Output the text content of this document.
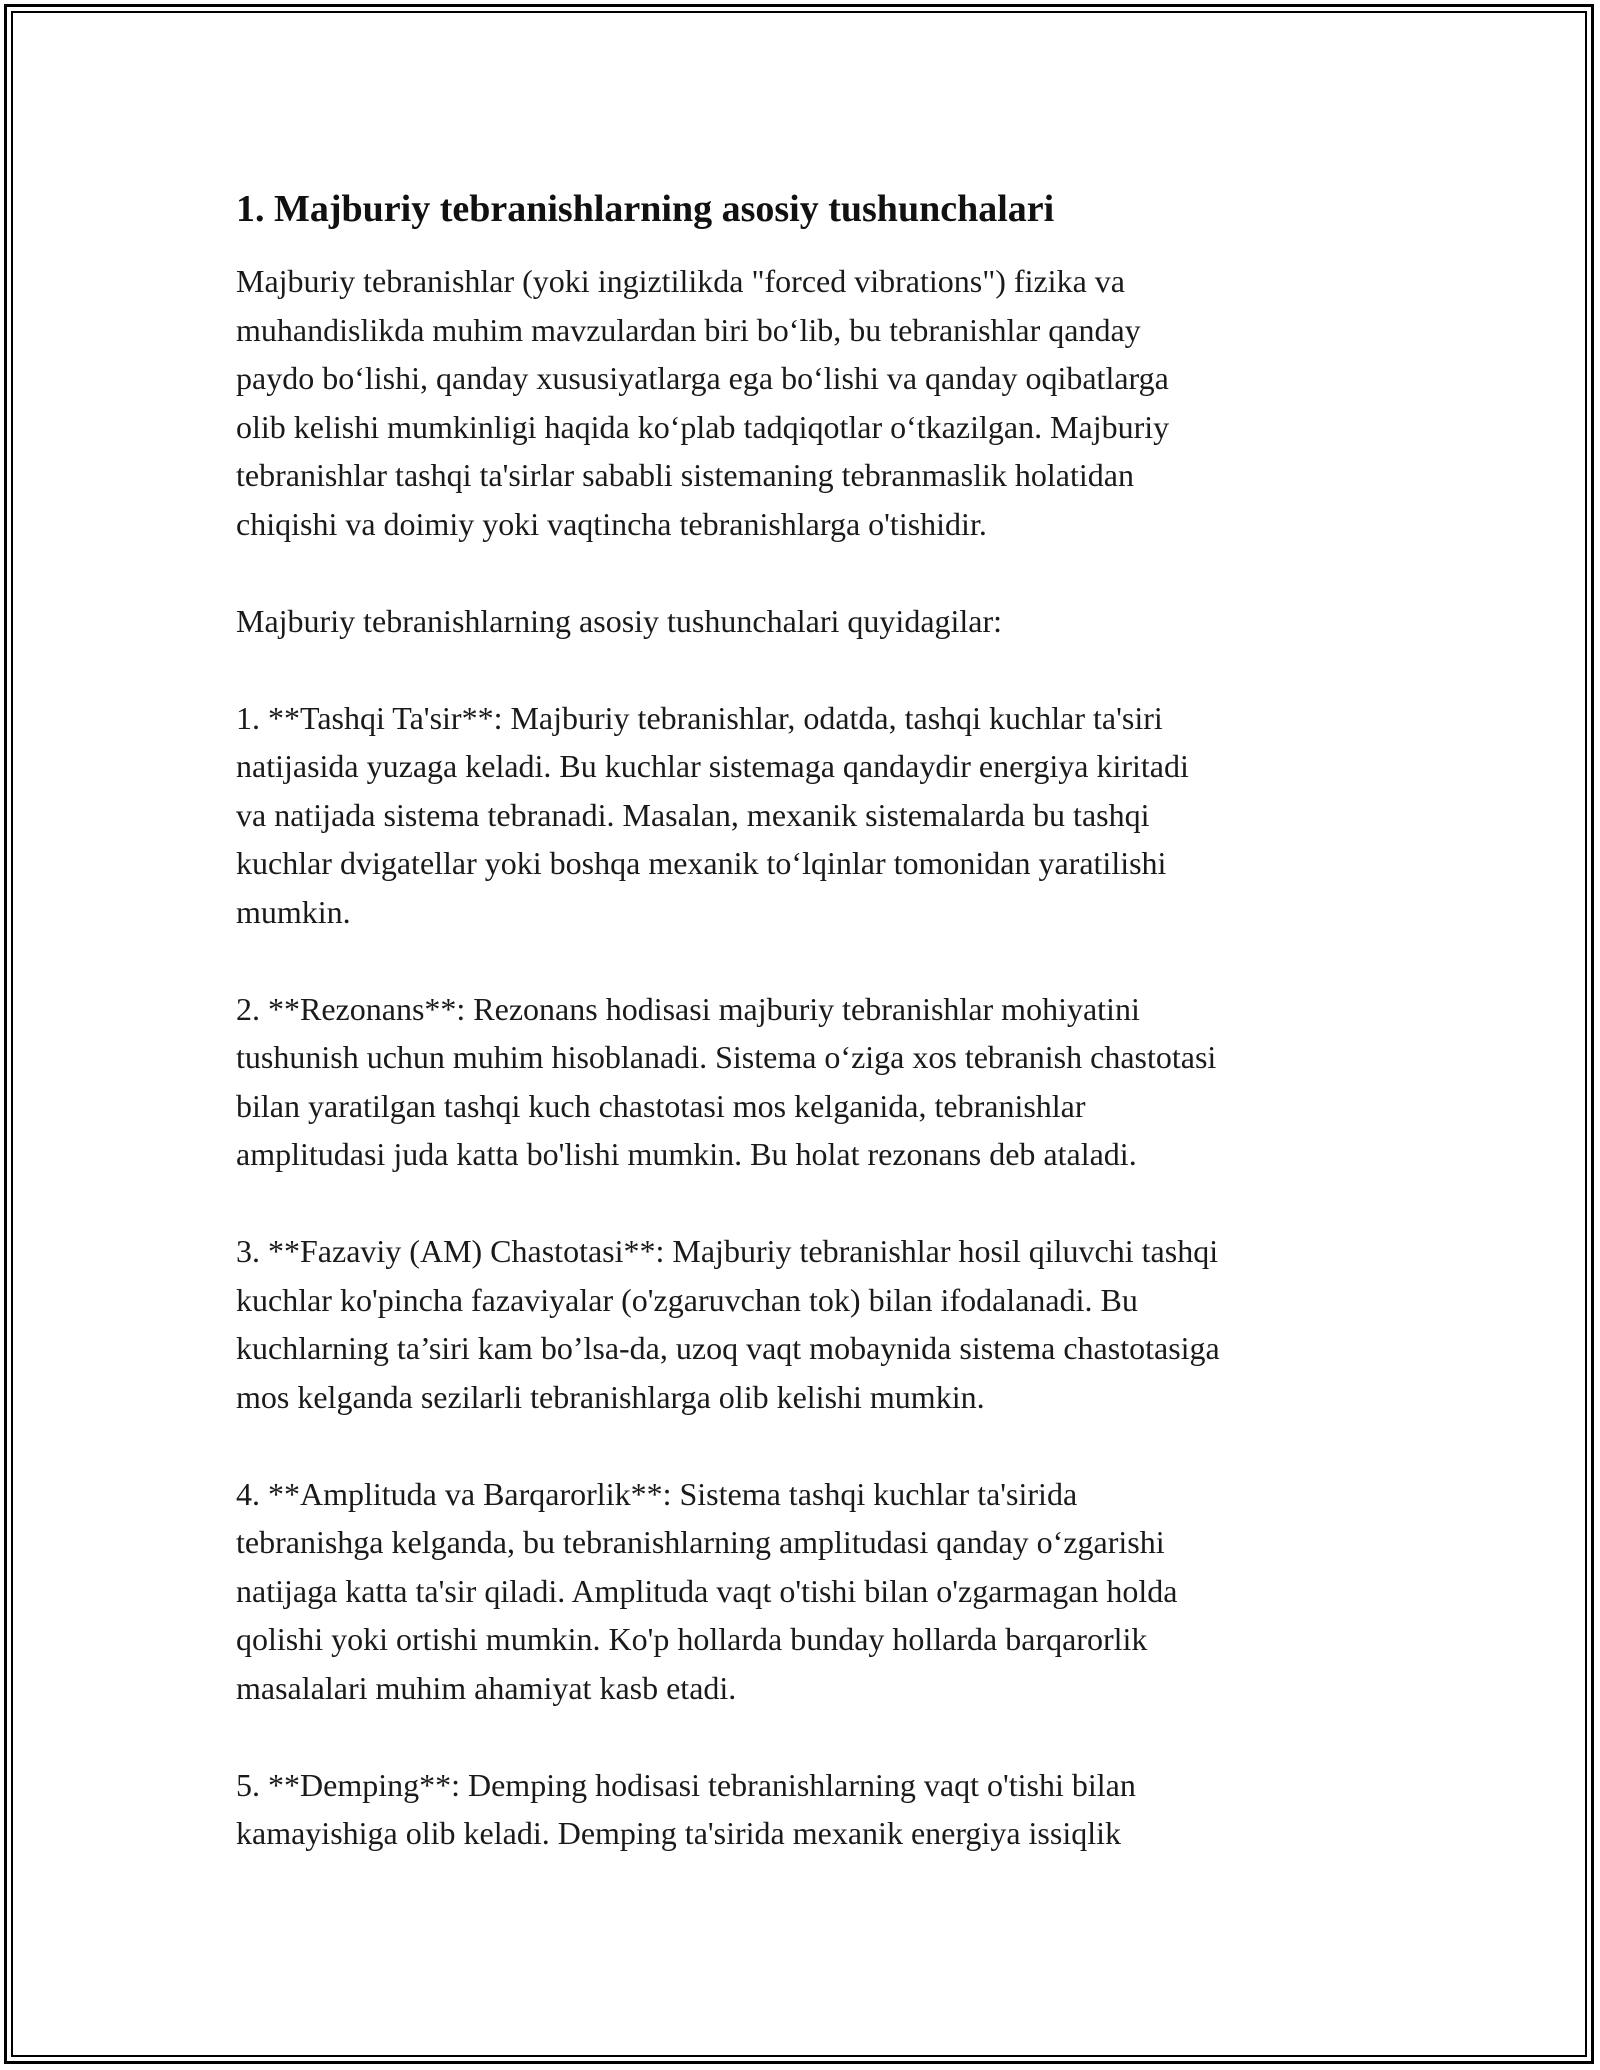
1. Majburiy tebranishlarning asosiy tushunchalari

Majburiy tebranishlar (yoki ingiztilikda "forced vibrations") fizika va
muhandislikda muhim mavzulardan biri bo‘lib, bu tebranishlar qanday
paydo bo‘lishi, qanday xususiyatlarga ega bo‘lishi va qanday oqibatlarga
olib kelishi mumkinligi haqida ko‘plab tadqiqotlar o‘tkazilgan. Majburiy
tebranishlar tashqi ta'sirlar sababli sistemaning tebranmaslik holatidan
chiqishi va doimiy yoki vaqtincha tebranishlarga o'tishidir.

Majburiy tebranishlarning asosiy tushunchalari quyidagilar:

1. **Tashqi Ta'sir**: Majburiy tebranishlar, odatda, tashqi kuchlar ta'siri
natijasida yuzaga keladi. Bu kuchlar sistemaga qandaydir energiya kiritadi
va natijada sistema tebranadi. Masalan, mexanik sistemalarda bu tashqi
kuchlar dvigatellar yoki boshqa mexanik to‘lqinlar tomonidan yaratilishi
mumkin.

2. **Rezonans**: Rezonans hodisasi majburiy tebranishlar mohiyatini
tushunish uchun muhim hisoblanadi. Sistema o‘ziga xos tebranish chastotasi
bilan yaratilgan tashqi kuch chastotasi mos kelganida, tebranishlar
amplitudasi juda katta bo'lishi mumkin. Bu holat rezonans deb ataladi.

3. **Fazaviy (AM) Chastotasi**: Majburiy tebranishlar hosil qiluvchi tashqi
kuchlar ko'pincha fazaviyalar (o'zgaruvchan tok) bilan ifodalanadi. Bu
kuchlarning ta’siri kam bo’lsa-da, uzoq vaqt mobaynida sistema chastotasiga
mos kelganda sezilarli tebranishlarga olib kelishi mumkin.

4. **Amplituda va Barqarorlik**: Sistema tashqi kuchlar ta'sirida
tebranishga kelganda, bu tebranishlarning amplitudasi qanday o‘zgarishi
natijaga katta ta'sir qiladi. Amplituda vaqt o'tishi bilan o'zgarmagan holda
qolishi yoki ortishi mumkin. Ko'p hollarda bunday hollarda barqarorlik
masalalari muhim ahamiyat kasb etadi.

5. **Demping**: Demping hodisasi tebranishlarning vaqt o'tishi bilan
kamayishiga olib keladi. Demping ta'sirida mexanik energiya issiqlik
